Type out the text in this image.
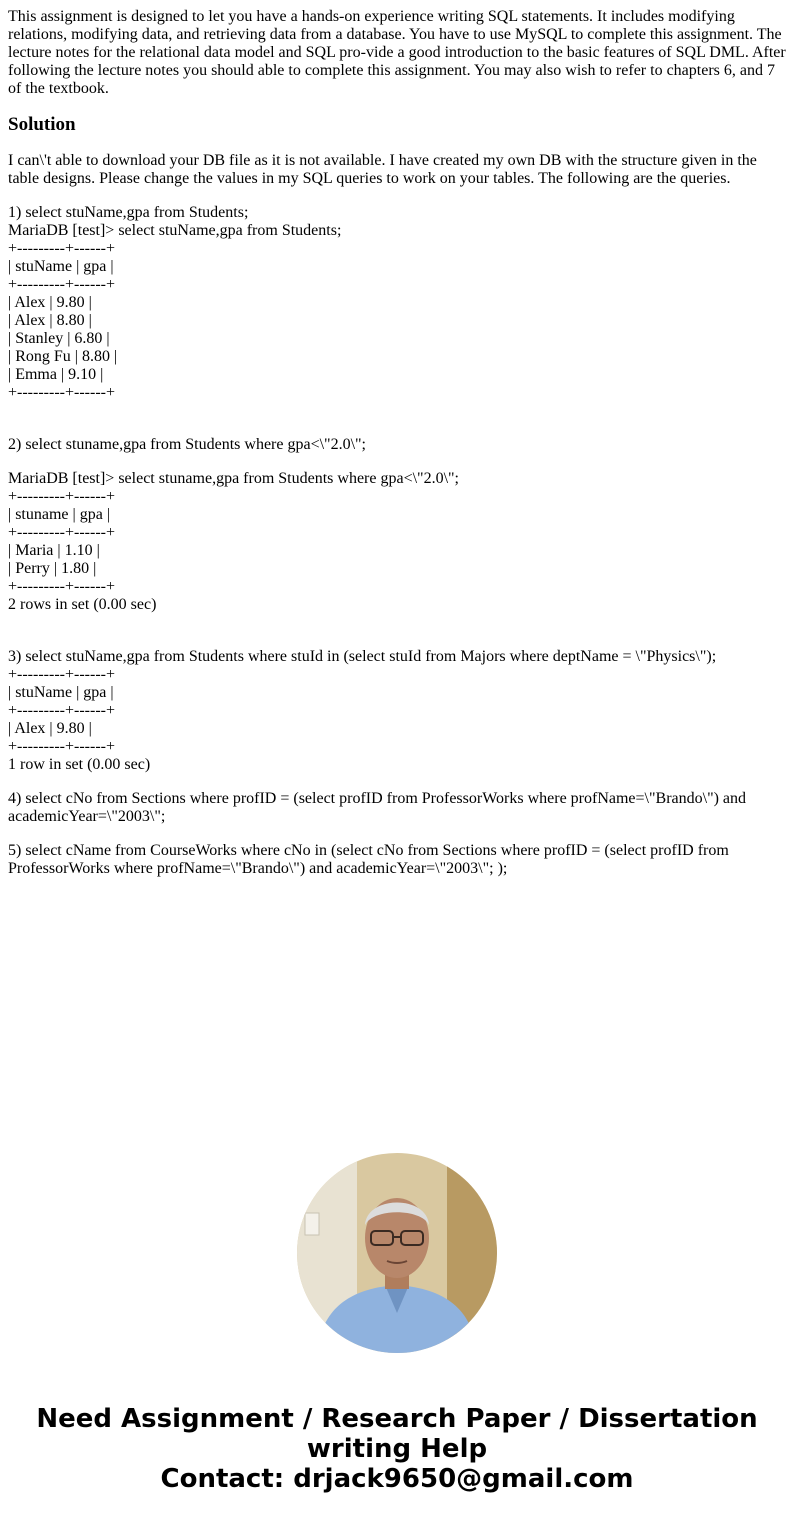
This assignment is designed to let you have a hands-on experience writing SQL statements. It includes modifying relations, modifying data, and retrieving data from a database. You have to use MySQL to complete this assignment. The lecture notes for the relational data model and SQL pro-vide a good introduction to the basic features of SQL DML. After following the lecture notes you should able to complete this assignment. You may also wish to refer to chapters 6, and 7 of the textbook.

Solution

I can\'t able to download your DB file as it is not available. I have created my own DB with the structure given in the table designs. Please change the values in my SQL queries to work on your tables. The following are the queries.

1) select stuName,gpa from Students;
MariaDB [test]> select stuName,gpa from Students;
+---------+------+
| stuName | gpa |
+---------+------+
| Alex | 9.80 |
| Alex | 8.80 |
| Stanley | 6.80 |
| Rong Fu | 8.80 |
| Emma | 9.10 |
+---------+------+

2) select stuname,gpa from Students where gpa<\"2.0\";

MariaDB [test]> select stuname,gpa from Students where gpa<\"2.0\";
+---------+------+
| stuname | gpa |
+---------+------+
| Maria | 1.10 |
| Perry | 1.80 |
+---------+------+
2 rows in set (0.00 sec)
3) select stuName,gpa from Students where stuId in (select stuId from Majors where deptName = \"Physics\");
+---------+------+
| stuName | gpa |
+---------+------+
| Alex | 9.80 |
+---------+------+
1 row in set (0.00 sec)

4) select cNo from Sections where profID = (select profID from ProfessorWorks where profName=\"Brando\") and academicYear=\"2003\";

5) select cName from CourseWorks where cNo in (select cNo from Sections where profID = (select profID from ProfessorWorks where profName=\"Brando\") and academicYear=\"2003\"; );

Need Assignment / Research Paper / Dissertation writing Help
Contact: drjack9650@gmail.com
